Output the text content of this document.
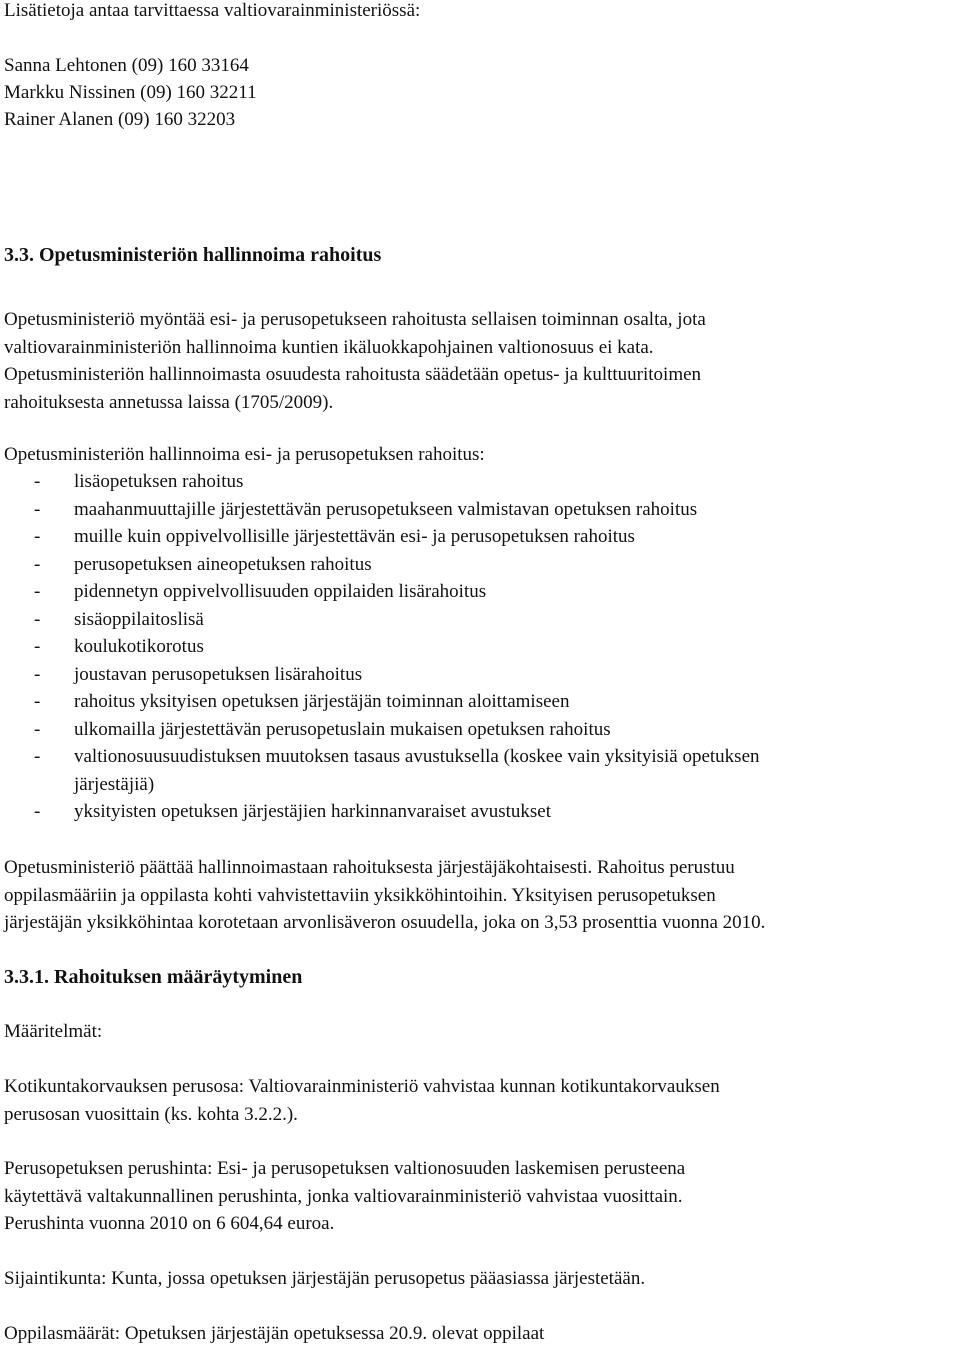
Lisätietoja antaa tarvittaessa valtiovarainministeriössä:
Sanna Lehtonen (09) 160 33164
Markku Nissinen (09) 160 32211
Rainer Alanen (09) 160 32203
3.3. Opetusministeriön hallinnoima rahoitus
Opetusministeriö myöntää esi- ja perusopetukseen rahoitusta sellaisen toiminnan osalta, jota
valtiovarainministeriön hallinnoima kuntien ikäluokkapohjainen valtionosuus ei kata.
Opetusministeriön hallinnoimasta osuudesta rahoitusta säädetään opetus- ja kulttuuritoimen
rahoituksesta annetussa laissa (1705/2009).
Opetusministeriön hallinnoima esi- ja perusopetuksen rahoitus:
- lisäopetuksen rahoitus
- maahanmuuttajille järjestettävän perusopetukseen valmistavan opetuksen rahoitus
- muille kuin oppivelvollisille järjestettävän esi- ja perusopetuksen rahoitus
- perusopetuksen aineopetuksen rahoitus
- pidennetyn oppivelvollisuuden oppilaiden lisärahoitus
- sisäoppilaitoslisä
- koulukotikorotus
- joustavan perusopetuksen lisärahoitus
- rahoitus yksityisen opetuksen järjestäjän toiminnan aloittamiseen
- ulkomailla järjestettävän perusopetuslain mukaisen opetuksen rahoitus
- valtionosuusuudistuksen muutoksen tasaus avustuksella (koskee vain yksityisiä opetuksen
järjestäjiä)
- yksityisten opetuksen järjestäjien harkinnanvaraiset avustukset
Opetusministeriö päättää hallinnoimastaan rahoituksesta järjestäjäkohtaisesti. Rahoitus perustuu
oppilasmääriin ja oppilasta kohti vahvistettaviin yksikköhintoihin. Yksityisen perusopetuksen
järjestäjän yksikköhintaa korotetaan arvonlisäveron osuudella, joka on 3,53 prosenttia vuonna 2010.
3.3.1. Rahoituksen määräytyminen
Määritelmät:
Kotikuntakorvauksen perusosa: Valtiovarainministeriö vahvistaa kunnan kotikuntakorvauksen
perusosan vuosittain (ks. kohta 3.2.2.).
Perusopetuksen perushinta: Esi- ja perusopetuksen valtionosuuden laskemisen perusteena
käytettävä valtakunnallinen perushinta, jonka valtiovarainministeriö vahvistaa vuosittain.
Perushinta vuonna 2010 on 6 604,64 euroa.
Sijaintikunta: Kunta, jossa opetuksen järjestäjän perusopetus pääasiassa järjestetään.
Oppilasmäärät: Opetuksen järjestäjän opetuksessa 20.9. olevat oppilaat
